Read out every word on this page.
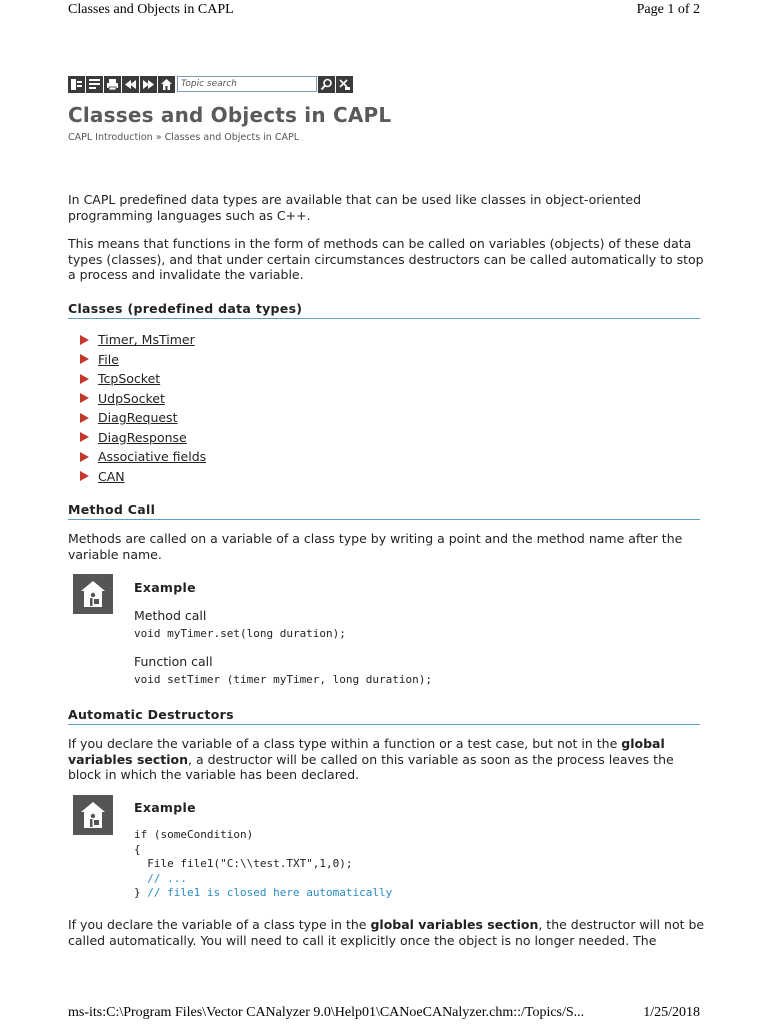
Classes and Objects in CAPL	Page 1 of 2
Topic search
Classes and Objects in CAPL
CAPL Introduction » Classes and Objects in CAPL

In CAPL predefined data types are available that can be used like classes in object-oriented programming languages such as C++.

This means that functions in the form of methods can be called on variables (objects) of these data types (classes), and that under certain circumstances destructors can be called automatically to stop a process and invalidate the variable.

Classes (predefined data types)
Timer, MsTimer
File
TcpSocket
UdpSocket
DiagRequest
DiagResponse
Associative fields
CAN
Method Call

Methods are called on a variable of a class type by writing a point and the method name after the variable name.

Example
Method call
void myTimer.set(long duration);
Function call
void setTimer (timer myTimer, long duration);
Automatic Destructors

If you declare the variable of a class type within a function or a test case, but not in the global variables section, a destructor will be called on this variable as soon as the process leaves the block in which the variable has been declared.

Example
if (someCondition)
{
File file1("C:\\test.TXT",1,0);
// ...
} // file1 is closed here automatically

If you declare the variable of a class type in the global variables section, the destructor will not be called automatically. You will need to call it explicitly once the object is no longer needed. The

ms-its:C:\Program Files\Vector CANalyzer 9.0\Help01\CANoeCANalyzer.chm::/Topics/S...	1/25/2018
